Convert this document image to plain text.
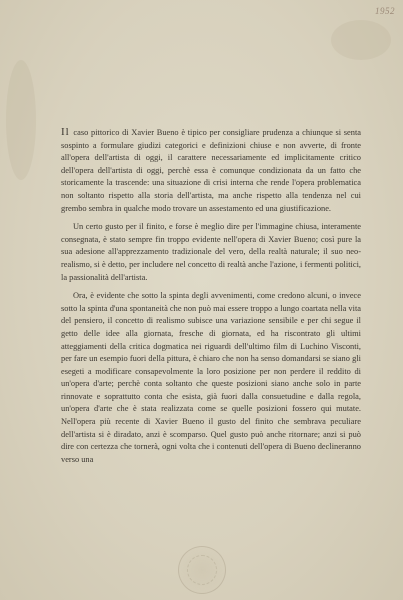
1952

Il caso pittorico di Xavier Bueno è tipico per consigliare prudenza a chiunque si senta sospinto a formulare giudizi categorici e definizioni chiuse e non avverte, di fronte all'opera dell'artista di oggi, il carattere necessariamente ed implicitamente critico dell'opera dell'artista di oggi, perchè essa è comunque condizionata da un fatto che storicamente la trascende: una situazione di crisi interna che rende l'opera problematica non soltanto rispetto alla storia dell'artista, ma anche rispetto alla tendenza nel cui grembo sembra in qualche modo trovare un assestamento ed una giustificazione.

Un certo gusto per il finito, e forse è meglio dire per l'immagine chiusa, interamente consegnata, è stato sempre fin troppo evidente nell'opera di Xavier Bueno; così pure la sua adesione all'apprezzamento tradizionale del vero, della realtà naturale; il suo neo-realismo, si è detto, per includere nel concetto di realtà anche l'azione, i fermenti politici, la passionalità dell'artista.

Ora, è evidente che sotto la spinta degli avvenimenti, come credono alcuni, o invece sotto la spinta d'una spontaneità che non può mai essere troppo a lungo coartata nella vita del pensiero, il concetto di realismo subisce una variazione sensibile e per chi segue il getto delle idee alla giornata, fresche di giornata, ed ha riscontrato gli ultimi atteggiamenti della critica dogmatica nei riguardi dell'ultimo film di Luchino Visconti, per fare un esempio fuori della pittura, è chiaro che non ha senso domandarsi se siano gli esegeti a modificare consapevolmente la loro posizione per non perdere il reddito di un'opera d'arte; perchè conta soltanto che queste posizioni siano anche solo in parte rinnovate e soprattutto conta che esista, già fuori dalla consuetudine e dalla regola, un'opera d'arte che è stata realizzata come se quelle posizioni fossero qui mutate. Nell'opera più recente di Xavier Bueno il gusto del finito che sembrava peculiare dell'artista si è diradato, anzi è scomparso. Quel gusto può anche ritornare; anzi si può dire con certezza che tornerà, ogni volta che i contenuti dell'opera di Bueno declineranno verso una
